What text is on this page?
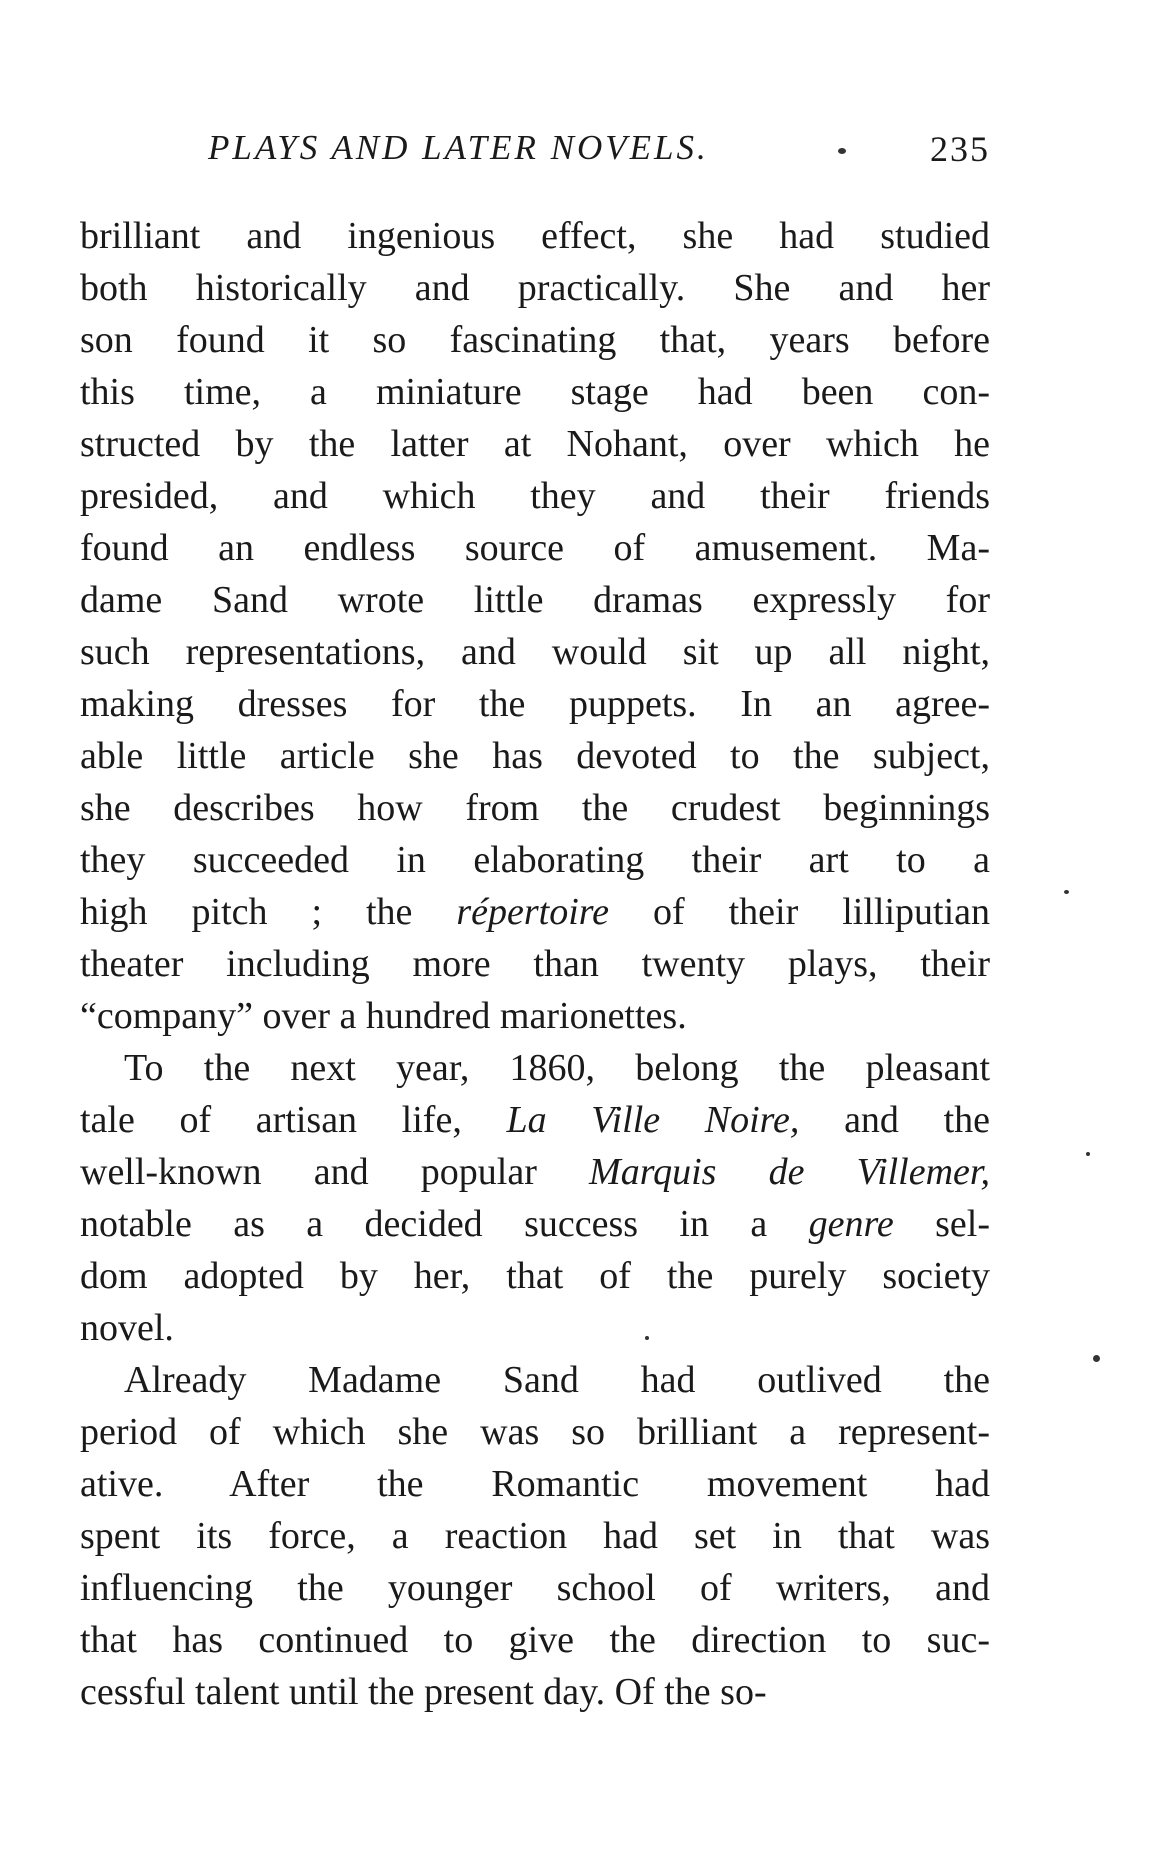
PLAYS AND LATER NOVELS.	235
brilliant and ingenious effect, she had studied
both historically and practically. She and her
son found it so fascinating that, years before
this time, a miniature stage had been con-
structed by the latter at Nohant, over which he
presided, and which they and their friends
found an endless source of amusement. Ma-
dame Sand wrote little dramas expressly for
such representations, and would sit up all night,
making dresses for the puppets. In an agree-
able little article she has devoted to the subject,
she describes how from the crudest beginnings
they succeeded in elaborating their art to a
high pitch ; the répertoire of their lilliputian
theater including more than twenty plays, their
“company” over a hundred marionettes.
To the next year, 1860, belong the pleasant
tale of artisan life, La Ville Noire, and the
well-known and popular Marquis de Villemer,
notable as a decided success in a genre sel-
dom adopted by her, that of the purely society
novel.
Already Madame Sand had outlived the
period of which she was so brilliant a represent-
ative. After the Romantic movement had
spent its force, a reaction had set in that was
influencing the younger school of writers, and
that has continued to give the direction to suc-
cessful talent until the present day. Of the so-
